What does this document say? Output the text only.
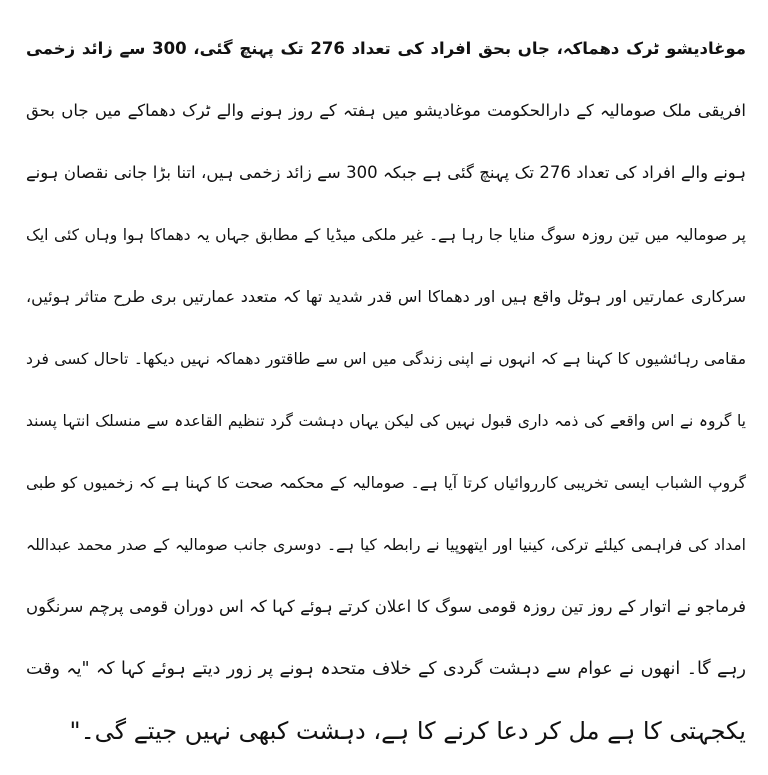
موغادیشو ٹرک دھماکہ، جاں بحق افراد کی تعداد 276 تک پہنچ گئی، 300 سے زائد زخمی
افریقی ملک صومالیہ کے دارالحکومت موغادیشو میں ہفتہ کے روز ہونے والے ٹرک دھماکے میں جاں بحق
ہونے والے افراد کی تعداد 276 تک پہنچ گئی ہے جبکہ 300 سے زائد زخمی ہیں، اتنا بڑا جانی نقصان ہونے
پر صومالیہ میں تین روزہ سوگ منایا جا رہا ہے۔ غیر ملکی میڈیا کے مطابق جہاں یہ دھماکا ہوا وہاں کئی ایک
سرکاری عمارتیں اور ہوٹل واقع ہیں اور دھماکا اس قدر شدید تھا کہ متعدد عمارتیں بری طرح متاثر ہوئیں،
مقامی رہائشیوں کا کہنا ہے کہ انہوں نے اپنی زندگی میں اس سے طاقتور دھماکہ نہیں دیکھا۔ تاحال کسی فرد
یا گروہ نے اس واقعے کی ذمہ داری قبول نہیں کی لیکن یہاں دہشت گرد تنظیم القاعدہ سے منسلک انتہا پسند
گروپ الشباب ایسی تخریبی کارروائیاں کرتا آیا ہے۔ صومالیہ کے محکمہ صحت کا کہنا ہے کہ زخمیوں کو طبی
امداد کی فراہمی کیلئے ترکی، کینیا اور ایتھوپیا نے رابطہ کیا ہے۔ دوسری جانب صومالیہ کے صدر محمد عبداللہ
فرماجو نے اتوار کے روز تین روزہ قومی سوگ کا اعلان کرتے ہوئے کہا کہ اس دوران قومی پرچم سرنگوں
رہے گا۔ انھوں نے عوام سے دہشت گردی کے خلاف متحدہ ہونے پر زور دیتے ہوئے کہا کہ "یہ وقت
یکجہتی کا ہے مل کر دعا کرنے کا ہے، دہشت کبھی نہیں جیتے گی۔"
